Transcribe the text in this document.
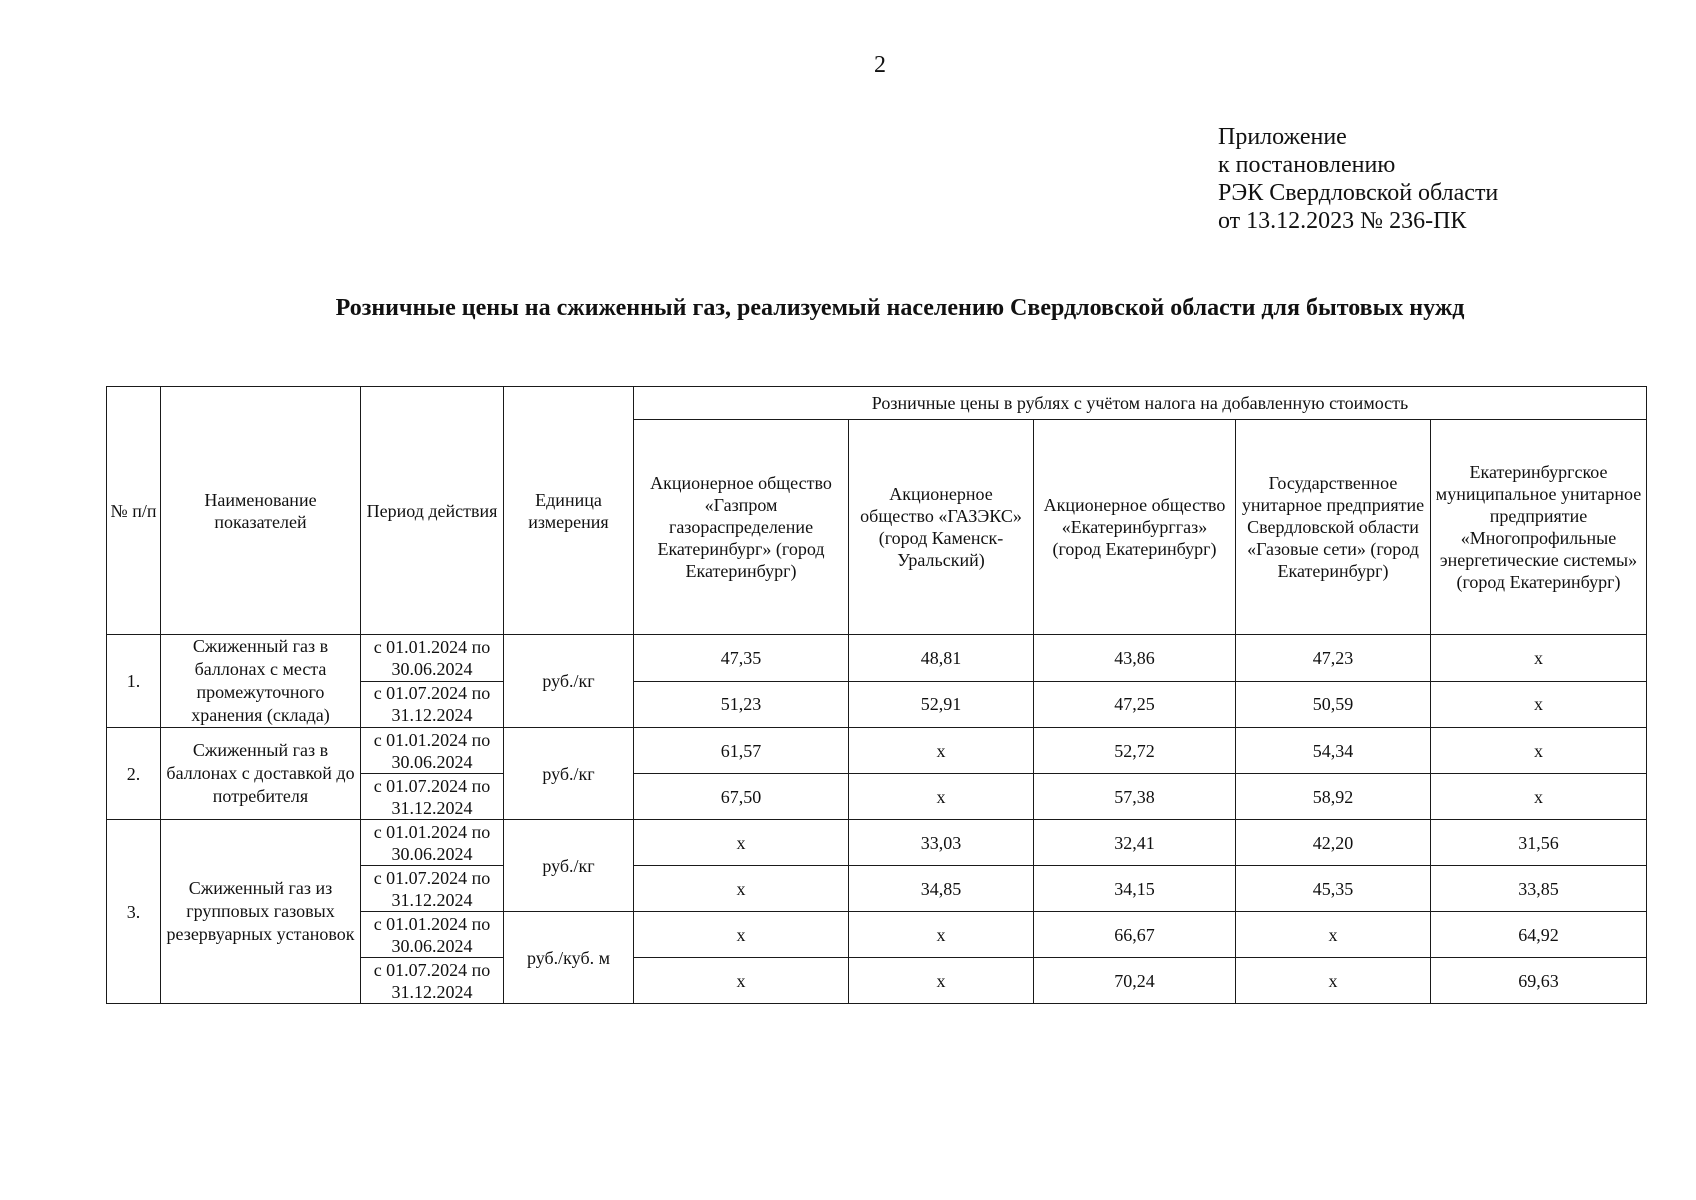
2
Приложение
к постановлению
РЭК Свердловской области
от 13.12.2023 № 236-ПК
Розничные цены на сжиженный газ, реализуемый населению Свердловской области для бытовых нужд
№ п/п	Наименование показателей	Период действия	Единица измерения	Розничные цены в рублях с учётом налога на добавленную стоимость				
				Акционерное общество «Газпром газораспределение Екатеринбург» (город Екатеринбург)	Акционерное общество «ГАЗЭКС» (город Каменск-Уральский)	Акционерное общество «Екатеринбурггаз» (город Екатеринбург)	Государственное унитарное предприятие Свердловской области «Газовые сети» (город Екатеринбург)	Екатеринбургское муниципальное унитарное предприятие «Многопрофильные энергетические системы» (город Екатеринбург)
1.	Сжиженный газ в баллонах с места промежуточного хранения (склада)	с 01.01.2024 по 30.06.2024	руб./кг	47,35	48,81	43,86	47,23	х
		с 01.07.2024 по 31.12.2024		51,23	52,91	47,25	50,59	х
2.	Сжиженный газ в баллонах с доставкой до потребителя	с 01.01.2024 по 30.06.2024	руб./кг	61,57	х	52,72	54,34	х
		с 01.07.2024 по 31.12.2024		67,50	х	57,38	58,92	х
3.	Сжиженный газ из групповых газовых резервуарных установок	с 01.01.2024 по 30.06.2024	руб./кг	х	33,03	32,41	42,20	31,56
		с 01.07.2024 по 31.12.2024		х	34,85	34,15	45,35	33,85
		с 01.01.2024 по 30.06.2024	руб./куб. м	х	х	66,67	х	64,92
		с 01.07.2024 по 31.12.2024		х	х	70,24	х	69,63
